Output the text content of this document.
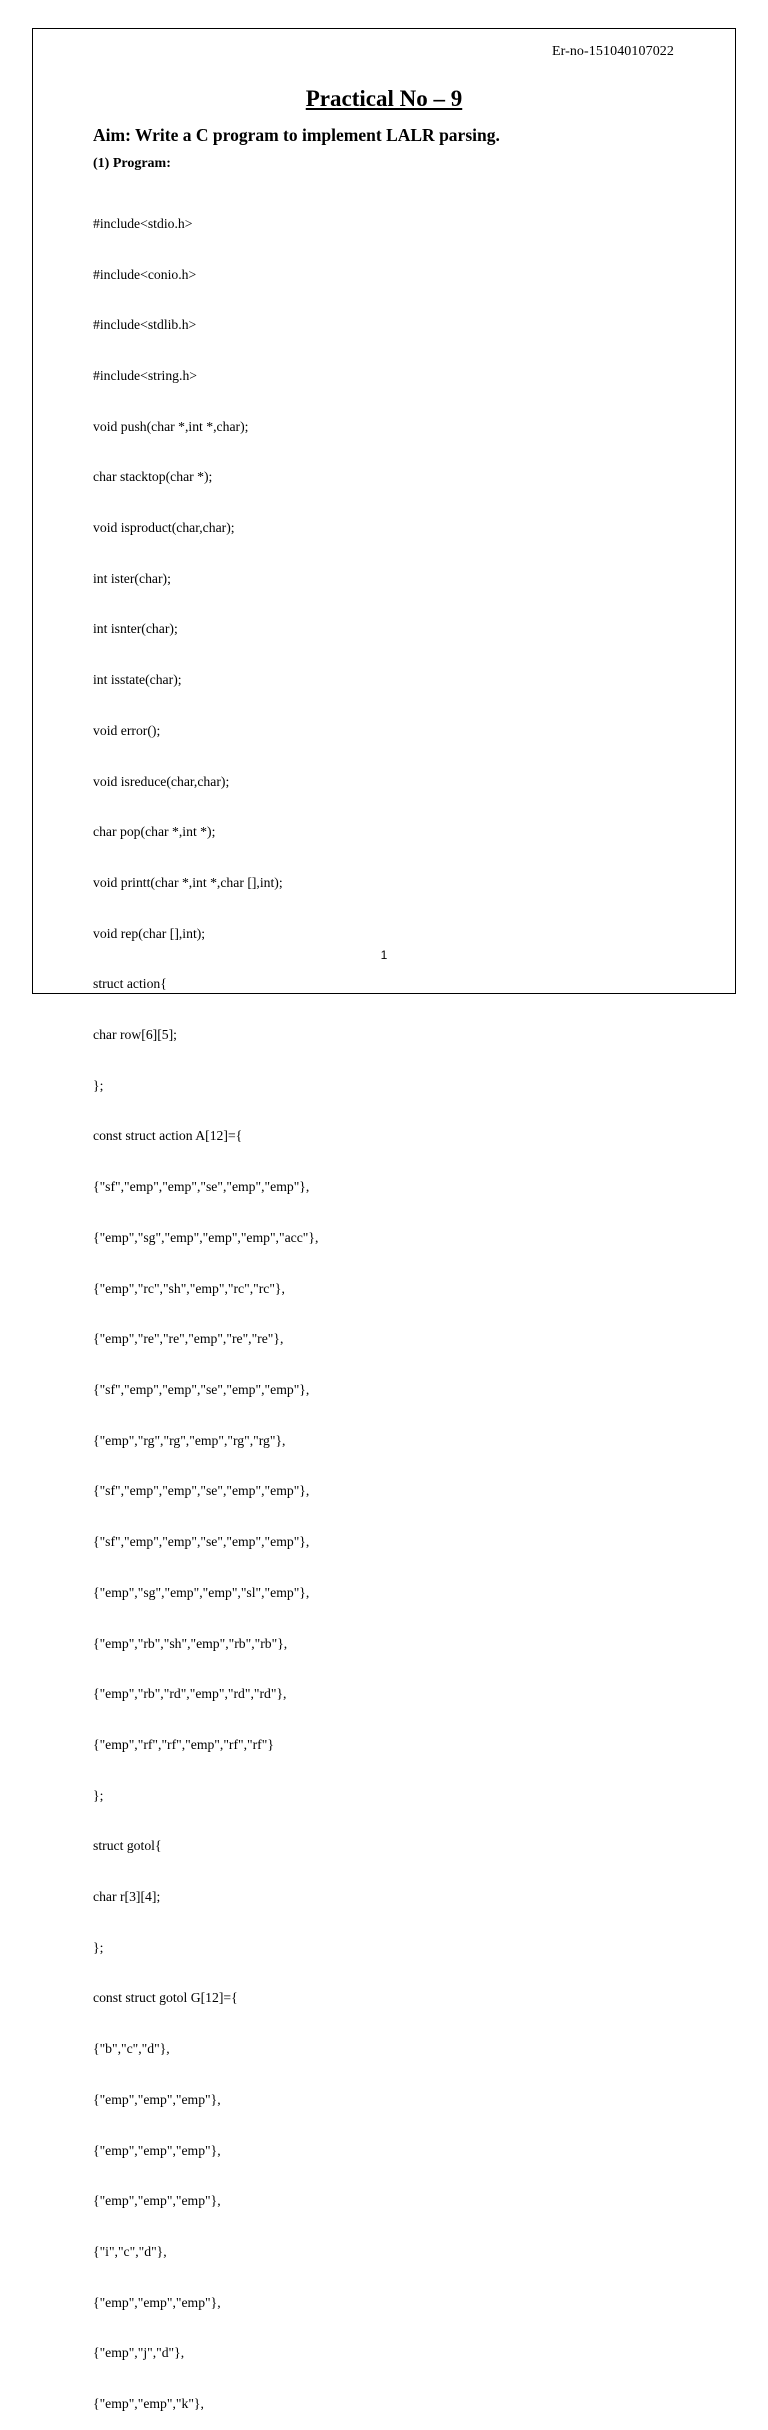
Er-no-151040107022
Practical No – 9
Aim: Write a C program to implement LALR parsing.
(1) Program:

#include<stdio.h>

#include<conio.h>

#include<stdlib.h>

#include<string.h>

void push(char *,int *,char);

char stacktop(char *);

void isproduct(char,char);

int ister(char);

int isnter(char);

int isstate(char);

void error();

void isreduce(char,char);

char pop(char *,int *);

void printt(char *,int *,char [],int);

void rep(char [],int);

struct action{

char row[6][5];

};

const struct action A[12]={

{"sf","emp","emp","se","emp","emp"},

{"emp","sg","emp","emp","emp","acc"},

{"emp","rc","sh","emp","rc","rc"},

{"emp","re","re","emp","re","re"},

{"sf","emp","emp","se","emp","emp"},

{"emp","rg","rg","emp","rg","rg"},

{"sf","emp","emp","se","emp","emp"},

{"sf","emp","emp","se","emp","emp"},

{"emp","sg","emp","emp","sl","emp"},

{"emp","rb","sh","emp","rb","rb"},

{"emp","rb","rd","emp","rd","rd"},

{"emp","rf","rf","emp","rf","rf"}

};

struct gotol{

char r[3][4];

};

const struct gotol G[12]={

{"b","c","d"},

{"emp","emp","emp"},

{"emp","emp","emp"},

{"emp","emp","emp"},

{"i","c","d"},

{"emp","emp","emp"},

{"emp","j","d"},

{"emp","emp","k"},

1
